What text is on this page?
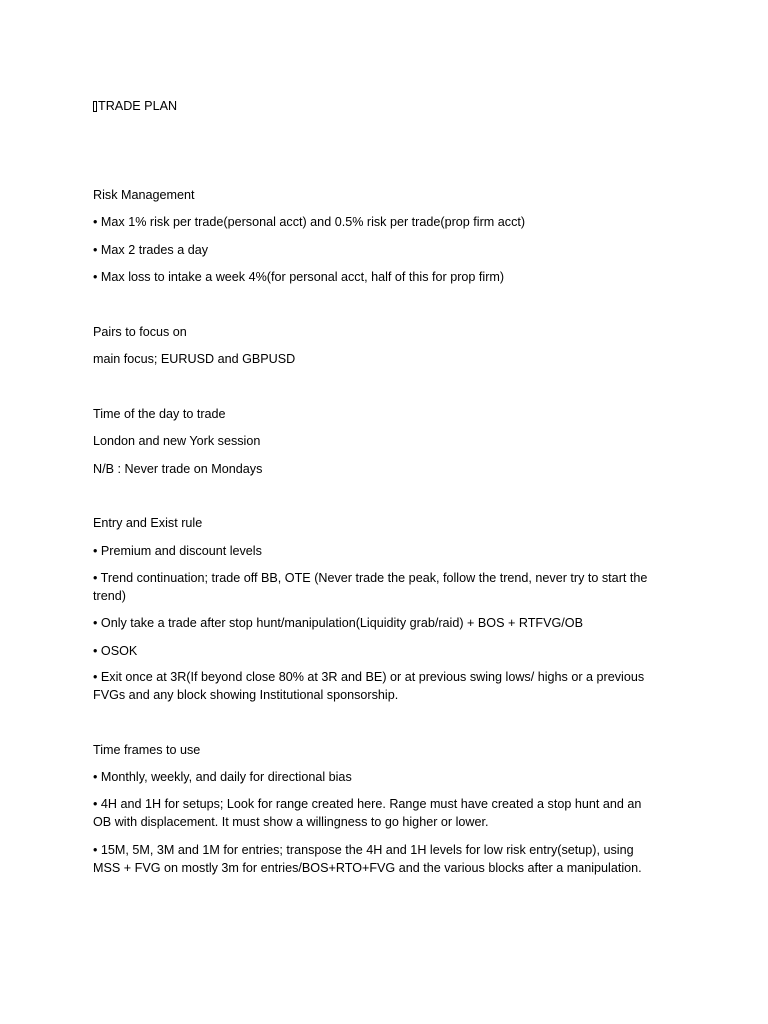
TRADE PLAN

Risk Management

• Max 1% risk per trade(personal acct) and 0.5% risk per trade(prop firm acct)

• Max 2 trades a day

• Max loss to intake a week 4%(for personal acct, half of this for prop firm)

Pairs to focus on

main focus; EURUSD and GBPUSD

Time of the day to trade

London and new York session

N/B : Never trade on Mondays

Entry and Exist rule

• Premium and discount levels

• Trend continuation; trade off BB, OTE (Never trade the peak, follow the trend, never try to start the trend)

• Only take a trade after stop hunt/manipulation(Liquidity grab/raid) + BOS + RTFVG/OB

• OSOK

• Exit once at 3R(If beyond close 80% at 3R and BE) or at previous swing lows/ highs or a previous FVGs and any block showing Institutional sponsorship.

Time frames to use

• Monthly, weekly, and daily for directional bias

• 4H and 1H for setups; Look for range created here. Range must have created a stop hunt and an OB with displacement. It must show a willingness to go higher or lower.

• 15M, 5M, 3M and 1M for entries; transpose the 4H and 1H levels for low risk entry(setup), using MSS + FVG on mostly 3m for entries/BOS+RTO+FVG and the various blocks after a manipulation.
